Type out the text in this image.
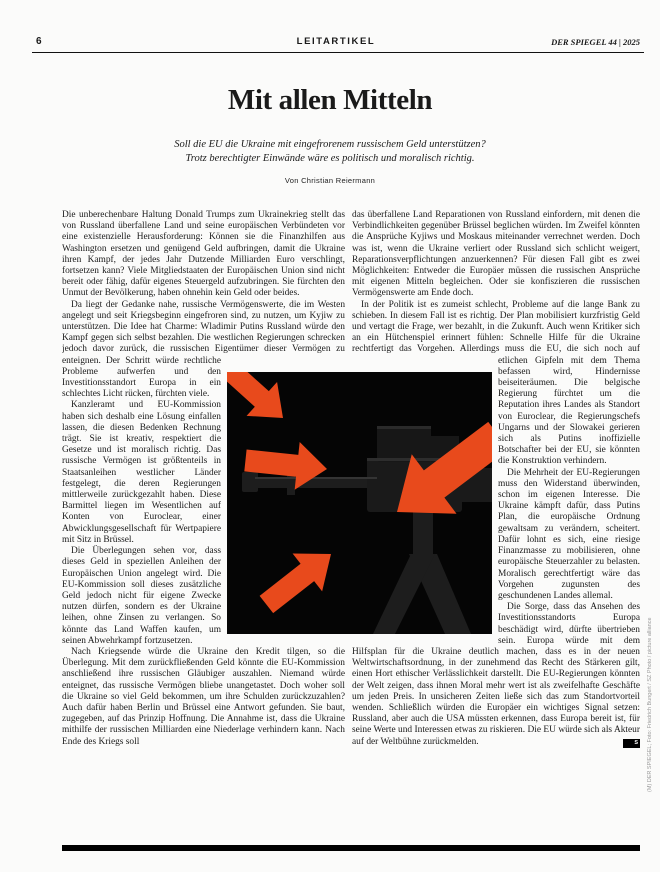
6	LEITARTIKEL	DER SPIEGEL 44 | 2025
Mit allen Mitteln

Soll die EU die Ukraine mit eingefrorenem russischem Geld unterstützen?

Trotz berechtigter Einwände wäre es politisch und moralisch richtig.

Von Christian Reiermann

Die unberechenbare Haltung Donald Trumps zum Ukrainekrieg stellt das von Russland überfallene Land und seine europäischen Verbündeten vor eine existenzielle Herausforderung: Können sie die Finanzhilfen aus Washington ersetzen und genügend Geld aufbringen, damit die Ukraine ihren Kampf, der jedes Jahr Dutzende Milliarden Euro verschlingt, fortsetzen kann? Viele Mitgliedstaaten der Europäischen Union sind nicht bereit oder fähig, dafür eigenes Steuergeld aufzubringen. Sie fürchten den Unmut der Bevölkerung, haben ohnehin kein Geld oder beides.

Da liegt der Gedanke nahe, russische Vermögenswerte, die im Westen angelegt und seit Kriegsbeginn eingefroren sind, zu nutzen, um Kyjiw zu unterstützen. Die Idee hat Charme: Wladimir Putins Russland würde den Kampf gegen sich selbst bezahlen. Die westlichen Regierungen schrecken jedoch davor zurück, die russischen Eigentümer dieser Vermögen zu enteignen. Der Schritt würde rechtliche Probleme aufwerfen und den Investitionsstandort Europa in ein schlechtes Licht rücken, fürchten viele.

Kanzleramt und EU-Kommission haben sich deshalb eine Lösung einfallen lassen, die diesen Bedenken Rechnung trägt. Sie ist kreativ, respektiert die Gesetze und ist moralisch richtig. Das russische Vermögen ist größtenteils in Staatsanleihen westlicher Länder festgelegt, die deren Regierungen mittlerweile zurückgezahlt haben. Diese Barmittel liegen im Wesentlichen auf Konten von Euroclear, einer Abwicklungsgesellschaft für Wertpapiere mit Sitz in Brüssel.

Die Überlegungen sehen vor, dass dieses Geld in speziellen Anleihen der Europäischen Union angelegt wird. Die EU-Kommission soll dieses zusätzliche Geld jedoch nicht für eigene Zwecke nutzen dürfen, sondern es der Ukraine leihen, ohne Zinsen zu verlangen. So könnte das Land Waffen kaufen, um seinen Abwehrkampf fortzusetzen.

Nach Kriegsende würde die Ukraine den Kredit tilgen, so die Überlegung. Mit dem zurückfließenden Geld könnte die EU-Kommission anschließend ihre russischen Gläubiger auszahlen. Niemand würde enteignet, das russische Vermögen bliebe unangetastet. Doch woher soll die Ukraine so viel Geld bekommen, um ihre Schulden zurückzuzahlen? Auch dafür haben Berlin und Brüssel eine Antwort gefunden. Sie baut, zugegeben, auf das Prinzip Hoffnung. Die Annahme ist, dass die Ukraine mithilfe der russischen Milliarden eine Niederlage verhindern kann. Nach Ende des Kriegs soll

das überfallene Land Reparationen von Russland einfordern, mit denen die Verbindlichkeiten gegenüber Brüssel beglichen würden. Im Zweifel könnten die Ansprüche Kyjiws und Moskaus miteinander verrechnet werden. Doch was ist, wenn die Ukraine verliert oder Russland sich schlicht weigert, Reparationsverpflichtungen anzuerkennen? Für diesen Fall gibt es zwei Möglichkeiten: Entweder die Europäer müssen die russischen Ansprüche mit eigenen Mitteln begleichen. Oder sie konfiszieren die russischen Vermögenswerte am Ende doch.

In der Politik ist es zumeist schlecht, Probleme auf die lange Bank zu schieben. In diesem Fall ist es richtig. Der Plan mobilisiert kurzfristig Geld und vertagt die Frage, wer bezahlt, in die Zukunft. Auch wenn Kritiker sich an ein Hütchenspiel erinnert fühlen: Schnelle Hilfe für die Ukraine rechtfertigt das Vorgehen. Allerdings muss die EU, die sich noch auf etlichen Gipfeln mit dem Thema befassen wird, Hindernisse beiseiteräumen. Die belgische Regierung fürchtet um die Reputation ihres Landes als Standort von Euroclear, die Regierungschefs Ungarns und der Slowakei gerieren sich als Putins inoffizielle Botschafter bei der EU, sie könnten die Konstruktion verhindern.

Die Mehrheit der EU-Regierungen muss den Widerstand überwinden, schon im eigenen Interesse. Die Ukraine kämpft dafür, dass Putins Plan, die europäische Ordnung gewaltsam zu verändern, scheitert. Dafür lohnt es sich, eine riesige Finanzmasse zu mobilisieren, ohne europäische Steuerzahler zu belasten. Moralisch gerechtfertigt wäre das Vorgehen zugunsten des geschundenen Landes allemal.

Die Sorge, dass das Ansehen des Investitionsstandorts Europa beschädigt wird, dürfte übertrieben sein. Europa würde mit dem Hilfsplan für die Ukraine deutlich machen, dass es in der neuen Weltwirtschaftsordnung, in der zunehmend das Recht des Stärkeren gilt, einen Hort ethischer Verlässlichkeit darstellt. Die EU-Regierungen könnten der Welt zeigen, dass ihnen Moral mehr wert ist als zweifelhafte Geschäfte um jeden Preis. In unsicheren Zeiten ließe sich das zum Standortvorteil wenden. Schließlich würden die Europäer ein wichtiges Signal setzen: Russland, aber auch die USA müssten erkennen, dass Europa bereit ist, für seine Werte und Interessen etwas zu riskieren. Die EU würde sich als Akteur auf der Weltbühne zurückmelden.	S	(M) DER SPIEGEL; Foto: Friedrich Bungert / SZ Photo / picture alliance
